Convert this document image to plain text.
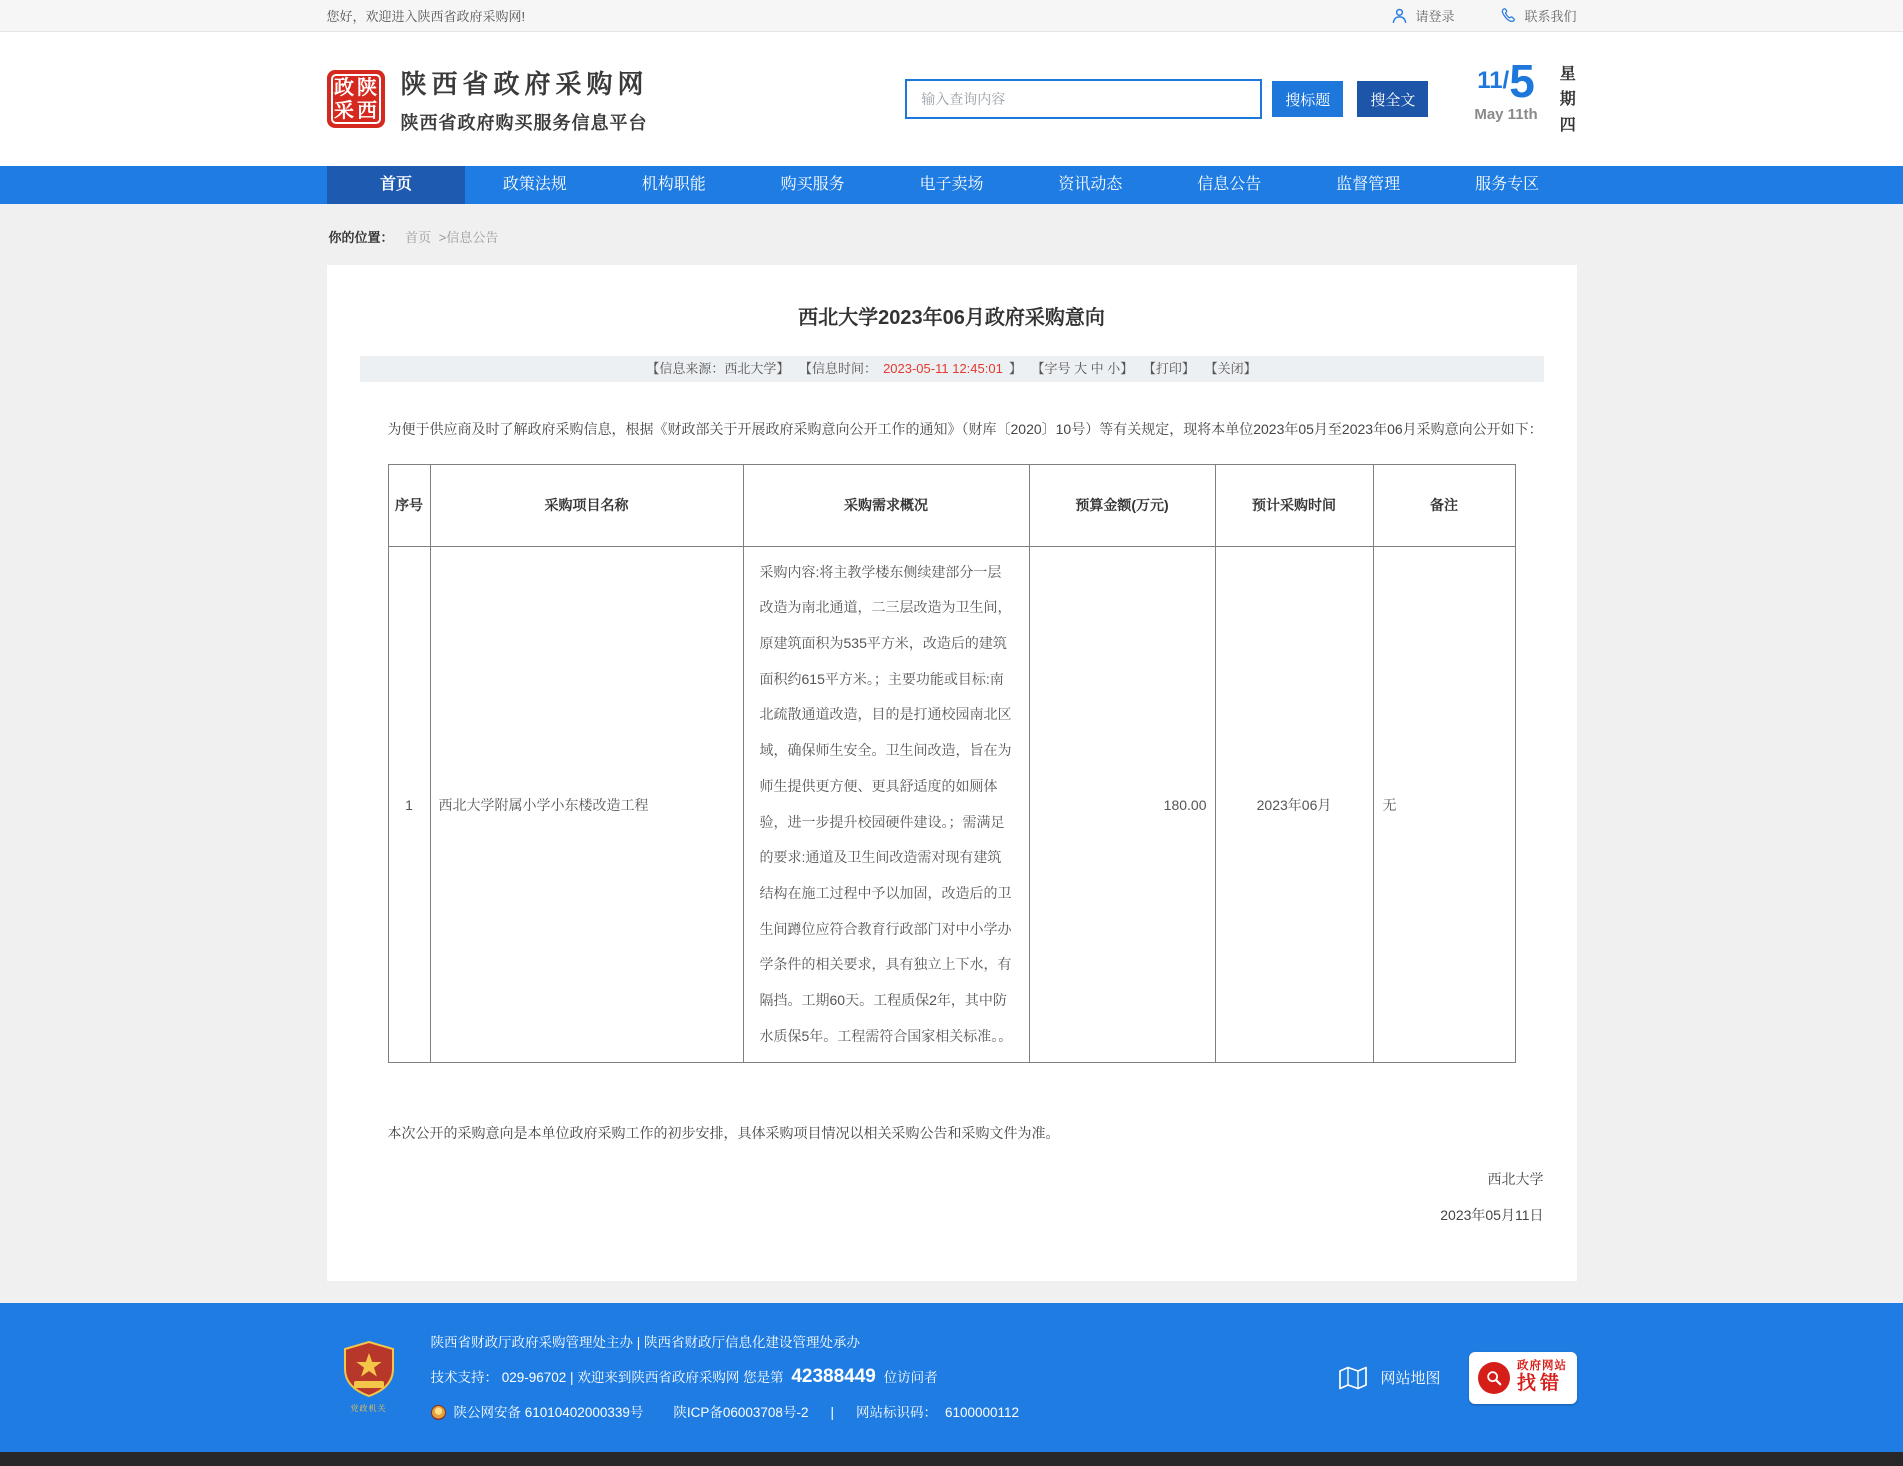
您好，欢迎进入陕西省政府采购网!	请登录	联系我们
政 陕
采 西
陕西省政府采购网
陕西省政府购买服务信息平台
输入查询内容
搜标题	搜全文
11/ 5
May 11th
星期四
首页	政策法规	机构职能	购买服务	电子卖场	资讯动态	信息公告	监督管理	服务专区
你的位置： 首页 >信息公告
西北大学2023年06月政府采购意向
【信息来源：西北大学】 【信息时间： 2023-05-11 12:45:01 】 【字号 大 中 小】 【打印】 【关闭】

为便于供应商及时了解政府采购信息，根据《财政部关于开展政府采购意向公开工作的通知》（财库〔2020〕10号）等有关规定，现将本单位2023年05月至2023年06月采购意向公开如下：

序号	采购项目名称	采购需求概况	预算金额(万元)	预计采购时间	备注
1	西北大学附属小学小东楼改造工程	采购内容:将主教学楼东侧续建部分一层改造为南北通道，二三层改造为卫生间，原建筑面积为535平方米，改造后的建筑面积约615平方米。；主要功能或目标:南北疏散通道改造，目的是打通校园南北区域，确保师生安全。卫生间改造，旨在为师生提供更方便、更具舒适度的如厕体验，进一步提升校园硬件建设。；需满足的要求:通道及卫生间改造需对现有建筑结构在施工过程中予以加固，改造后的卫生间蹲位应符合教育行政部门对中小学办学条件的相关要求，具有独立上下水，有隔挡。工期60天。工程质保2年，其中防水质保5年。工程需符合国家相关标准。。	180.00	2023年06月	无

本次公开的采购意向是本单位政府采购工作的初步安排，具体采购项目情况以相关采购公告和采购文件为准。

西北大学
2023年05月11日
党政机关
陕西省财政厅政府采购管理处主办 | 陕西省财政厅信息化建设管理处承办
技术支持： 029-96702 | 欢迎来到陕西省政府采购网 您是第 42388449 位访问者
陕公网安备 61010402000339号 陕ICP备06003708号-2 | 网站标识码： 6100000112
网站地图
政府网站
找错
